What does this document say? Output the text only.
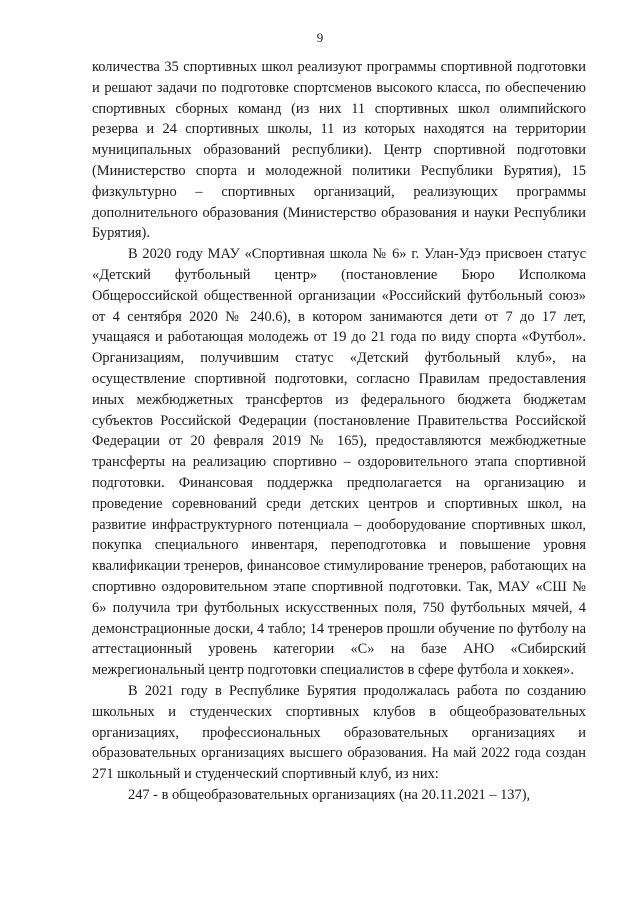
9

количества 35 спортивных школ реализуют программы спортивной подготовки и решают задачи по подготовке спортсменов высокого класса, по обеспечению спортивных сборных команд (из них 11 спортивных школ олимпийского резерва и 24 спортивных школы, 11 из которых находятся на территории муниципальных образований республики). Центр спортивной подготовки (Министерство спорта и молодежной политики Республики Бурятия), 15 физкультурно – спортивных организаций, реализующих программы дополнительного образования (Министерство образования и науки Республики Бурятия).

В 2020 году МАУ «Спортивная школа № 6» г. Улан-Удэ присвоен статус «Детский футбольный центр» (постановление Бюро Исполкома Общероссийской общественной организации «Российский футбольный союз» от 4 сентября 2020 № 240.6), в котором занимаются дети от 7 до 17 лет, учащаяся и работающая молодежь от 19 до 21 года по виду спорта «Футбол». Организациям, получившим статус «Детский футбольный клуб», на осуществление спортивной подготовки, согласно Правилам предоставления иных межбюджетных трансфертов из федерального бюджета бюджетам субъектов Российской Федерации (постановление Правительства Российской Федерации от 20 февраля 2019 № 165), предоставляются межбюджетные трансферты на реализацию спортивно – оздоровительного этапа спортивной подготовки. Финансовая поддержка предполагается на организацию и проведение соревнований среди детских центров и спортивных школ, на развитие инфраструктурного потенциала – дооборудование спортивных школ, покупка специального инвентаря, переподготовка и повышение уровня квалификации тренеров, финансовое стимулирование тренеров, работающих на спортивно оздоровительном этапе спортивной подготовки. Так, МАУ «СШ № 6» получила три футбольных искусственных поля, 750 футбольных мячей, 4 демонстрационные доски, 4 табло; 14 тренеров прошли обучение по футболу на аттестационный уровень категории «С» на базе АНО «Сибирский межрегиональный центр подготовки специалистов в сфере футбола и хоккея».

В 2021 году в Республике Бурятия продолжалась работа по созданию школьных и студенческих спортивных клубов в общеобразовательных организациях, профессиональных образовательных организациях и образовательных организациях высшего образования. На май 2022 года создан 271 школьный и студенческий спортивный клуб, из них:

247 - в общеобразовательных организациях (на 20.11.2021 – 137),
